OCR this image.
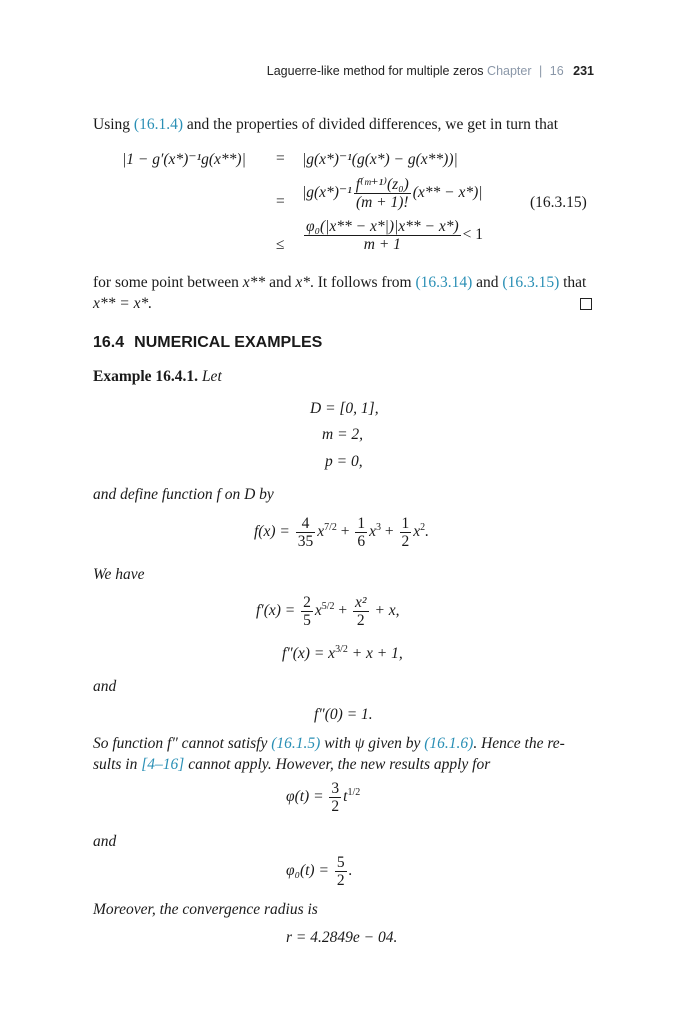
Laguerre-like method for multiple zeros Chapter | 16 231
Using (16.1.4) and the properties of divided differences, we get in turn that
|1 − g′(x*)⁻¹g(x**)| = |g(x*)⁻¹(g(x*) − g(x**))|
=
$|g(x*)^{-1} \frac{\text{f⁽ᵐ⁺¹⁾(z₀)}}{(m + 1)!} (x** - x*)|$
(16.3.15)
≤ $\frac{\text{φ₀(|x** − x*|)|x** − x*)}}{m + 1} < 1$
for some point between x** and x*. It follows from (16.3.14) and (16.3.15) that
x** = x*.
16.4 NUMERICAL EXAMPLES
Example 16.4.1. Let
D = [0, 1],
m = 2,
p = 0,
and define function f on D by
$f(x) = \frac{4}{35} x^{7/2} + \frac{1}{6} x^3 + \frac{1}{2} x^2$.
We have
$f'(x) = \frac{2}{5} x^{5/2} + \frac{\text{x²}}{2} + x$,
$f''(x) = x^{3/2} + x + 1$,
and
f″(0) = 1.
So function f″ cannot satisfy (16.1.5) with ψ given by (16.1.6). Hence the re-
sults in [4–16] cannot apply. However, the new results apply for
$\varphi(t) = \frac{3}{2} t^{1/2}$
and
$\varphi_0(t) = \frac{5}{2}$ .
Moreover, the convergence radius is
r = 4.2849e − 04.
